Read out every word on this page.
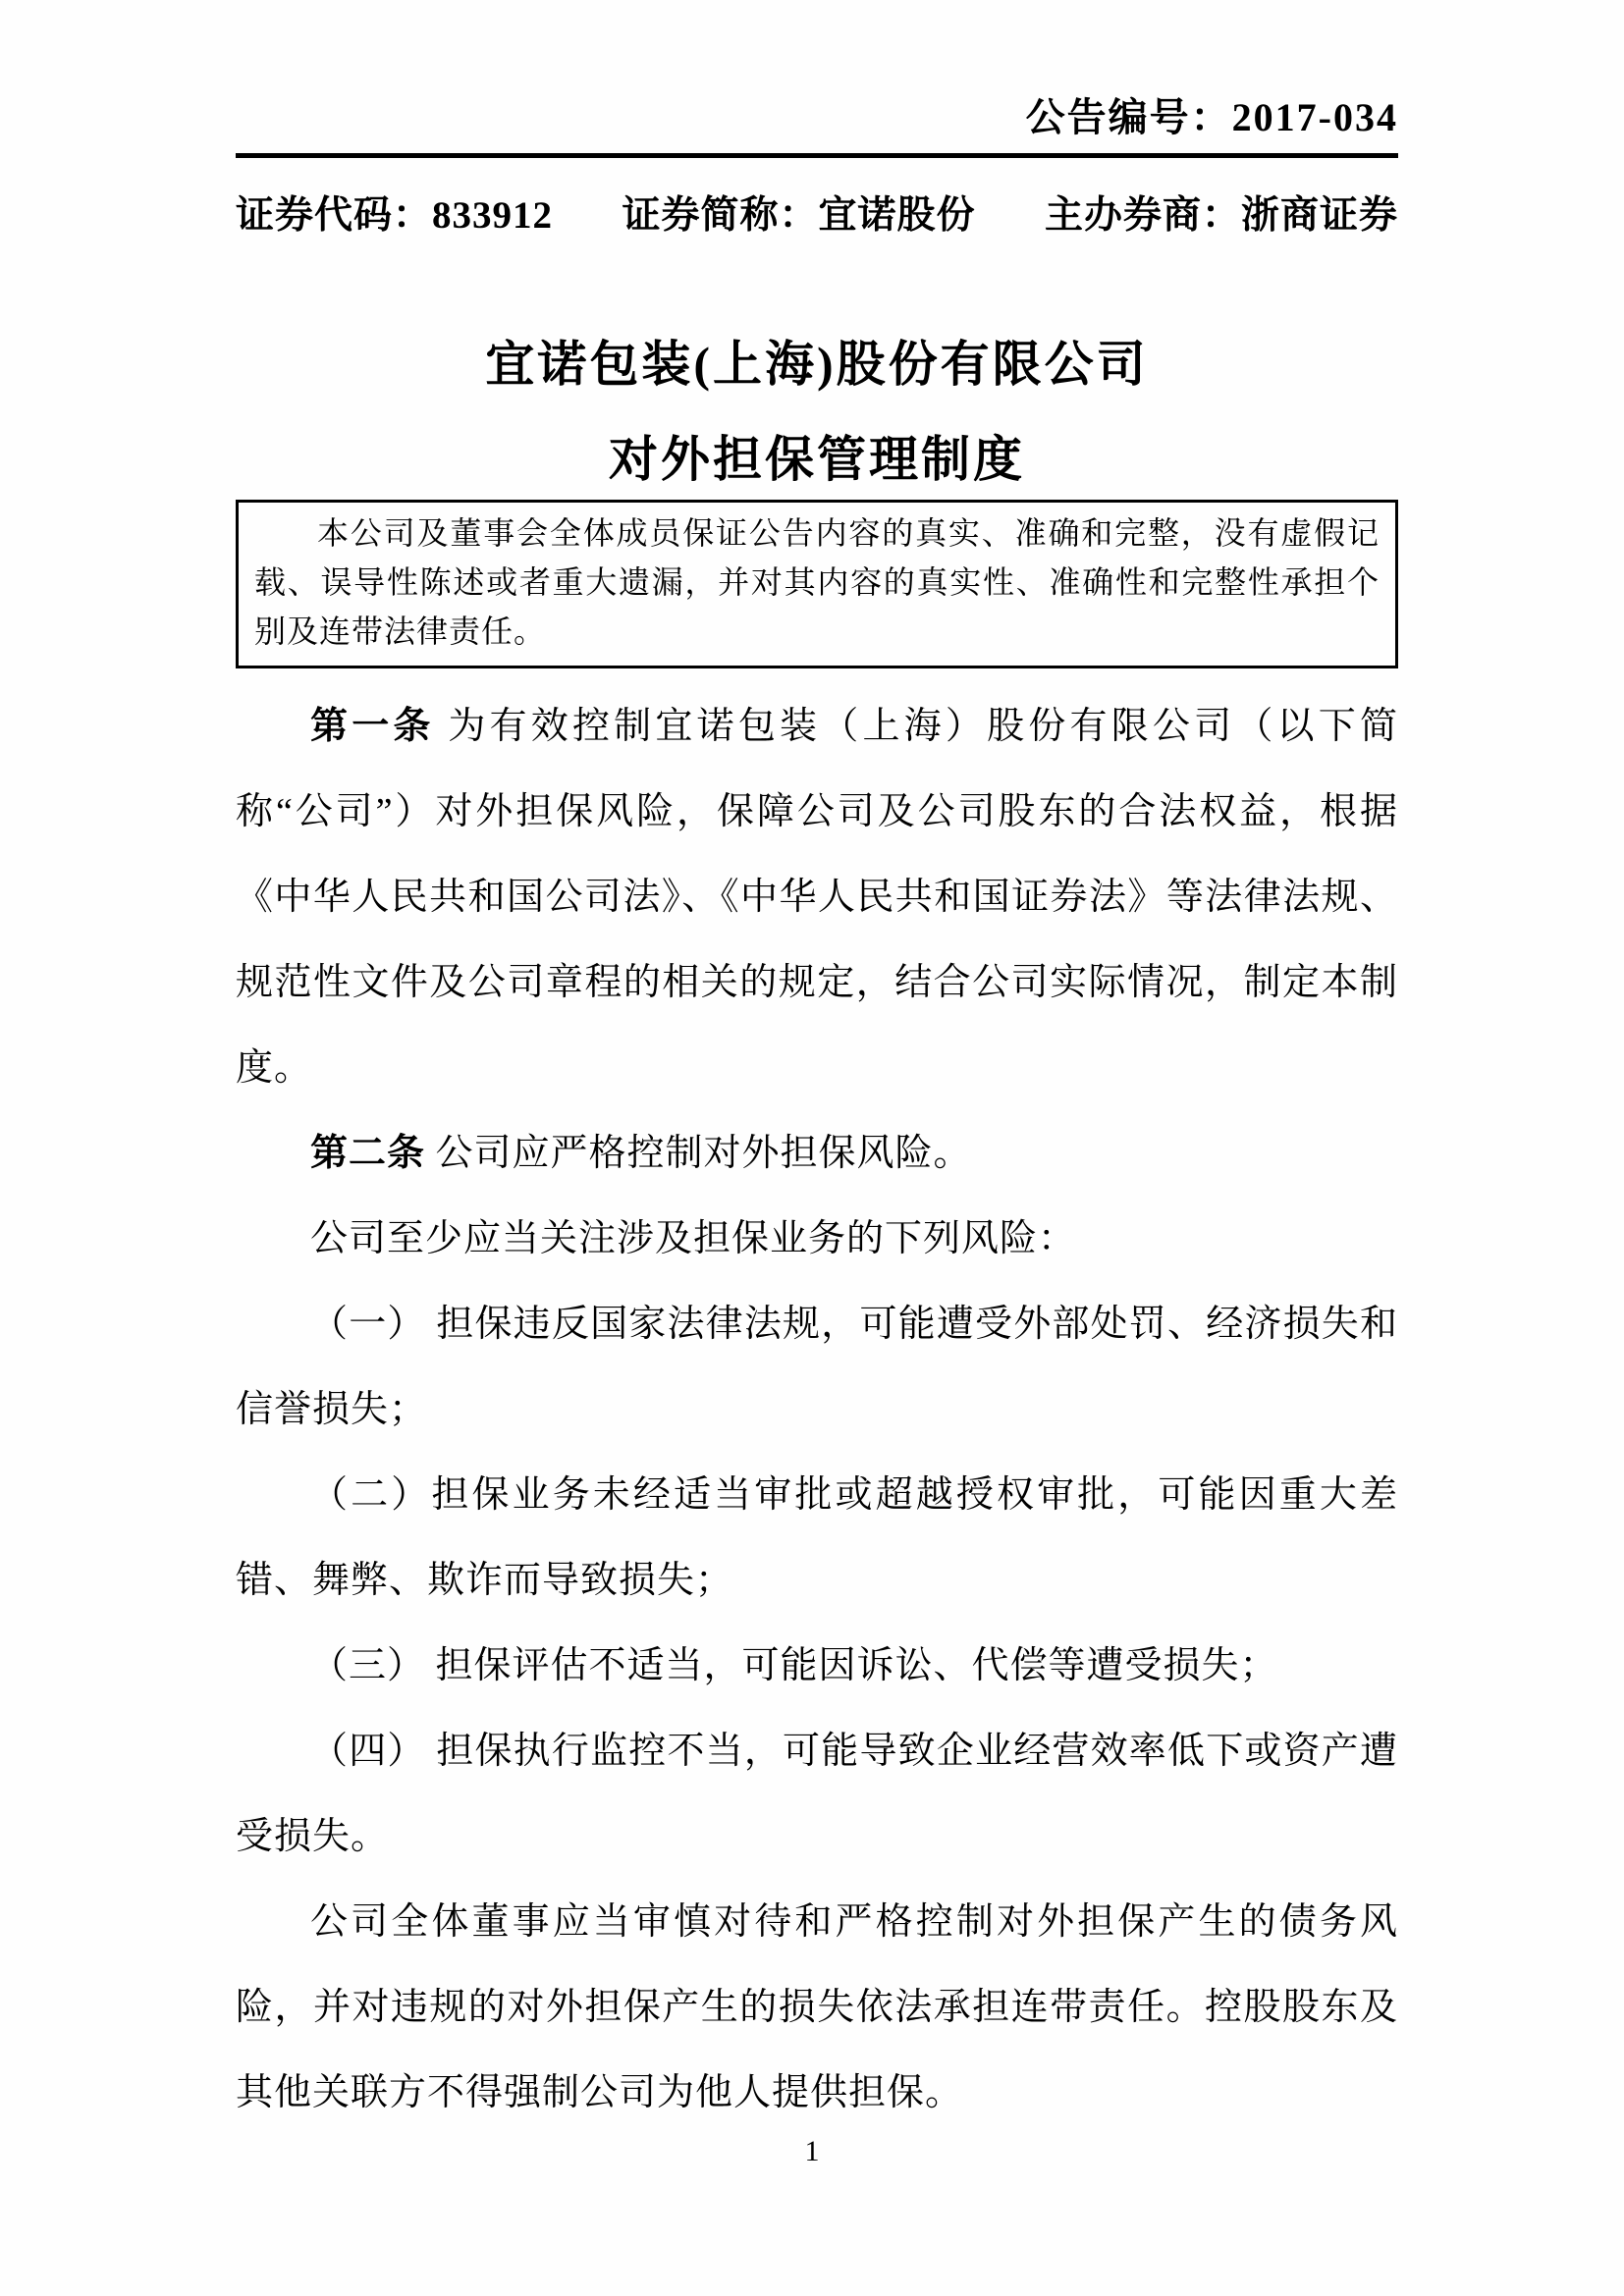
公告编号：2017-034
证券代码：833912 证券简称：宜诺股份 主办券商：浙商证券
宜诺包装(上海)股份有限公司
对外担保管理制度

本公司及董事会全体成员保证公告内容的真实、准确和完整，没有虚假记载、误导性陈述或者重大遗漏，并对其内容的真实性、准确性和完整性承担个别及连带法律责任。

第一条 为有效控制宜诺包装（上海）股份有限公司（以下简称“公司”）对外担保风险，保障公司及公司股东的合法权益，根据《中华人民共和国公司法》、《中华人民共和国证券法》等法律法规、规范性文件及公司章程的相关的规定，结合公司实际情况，制定本制度。

第二条 公司应严格控制对外担保风险。

公司至少应当关注涉及担保业务的下列风险：

（一） 担保违反国家法律法规，可能遭受外部处罚、经济损失和信誉损失；

（二）担保业务未经适当审批或超越授权审批，可能因重大差错、舞弊、欺诈而导致损失；

（三） 担保评估不适当，可能因诉讼、代偿等遭受损失；

（四） 担保执行监控不当，可能导致企业经营效率低下或资产遭受损失。

公司全体董事应当审慎对待和严格控制对外担保产生的债务风险，并对违规的对外担保产生的损失依法承担连带责任。控股股东及其他关联方不得强制公司为他人提供担保。

1
